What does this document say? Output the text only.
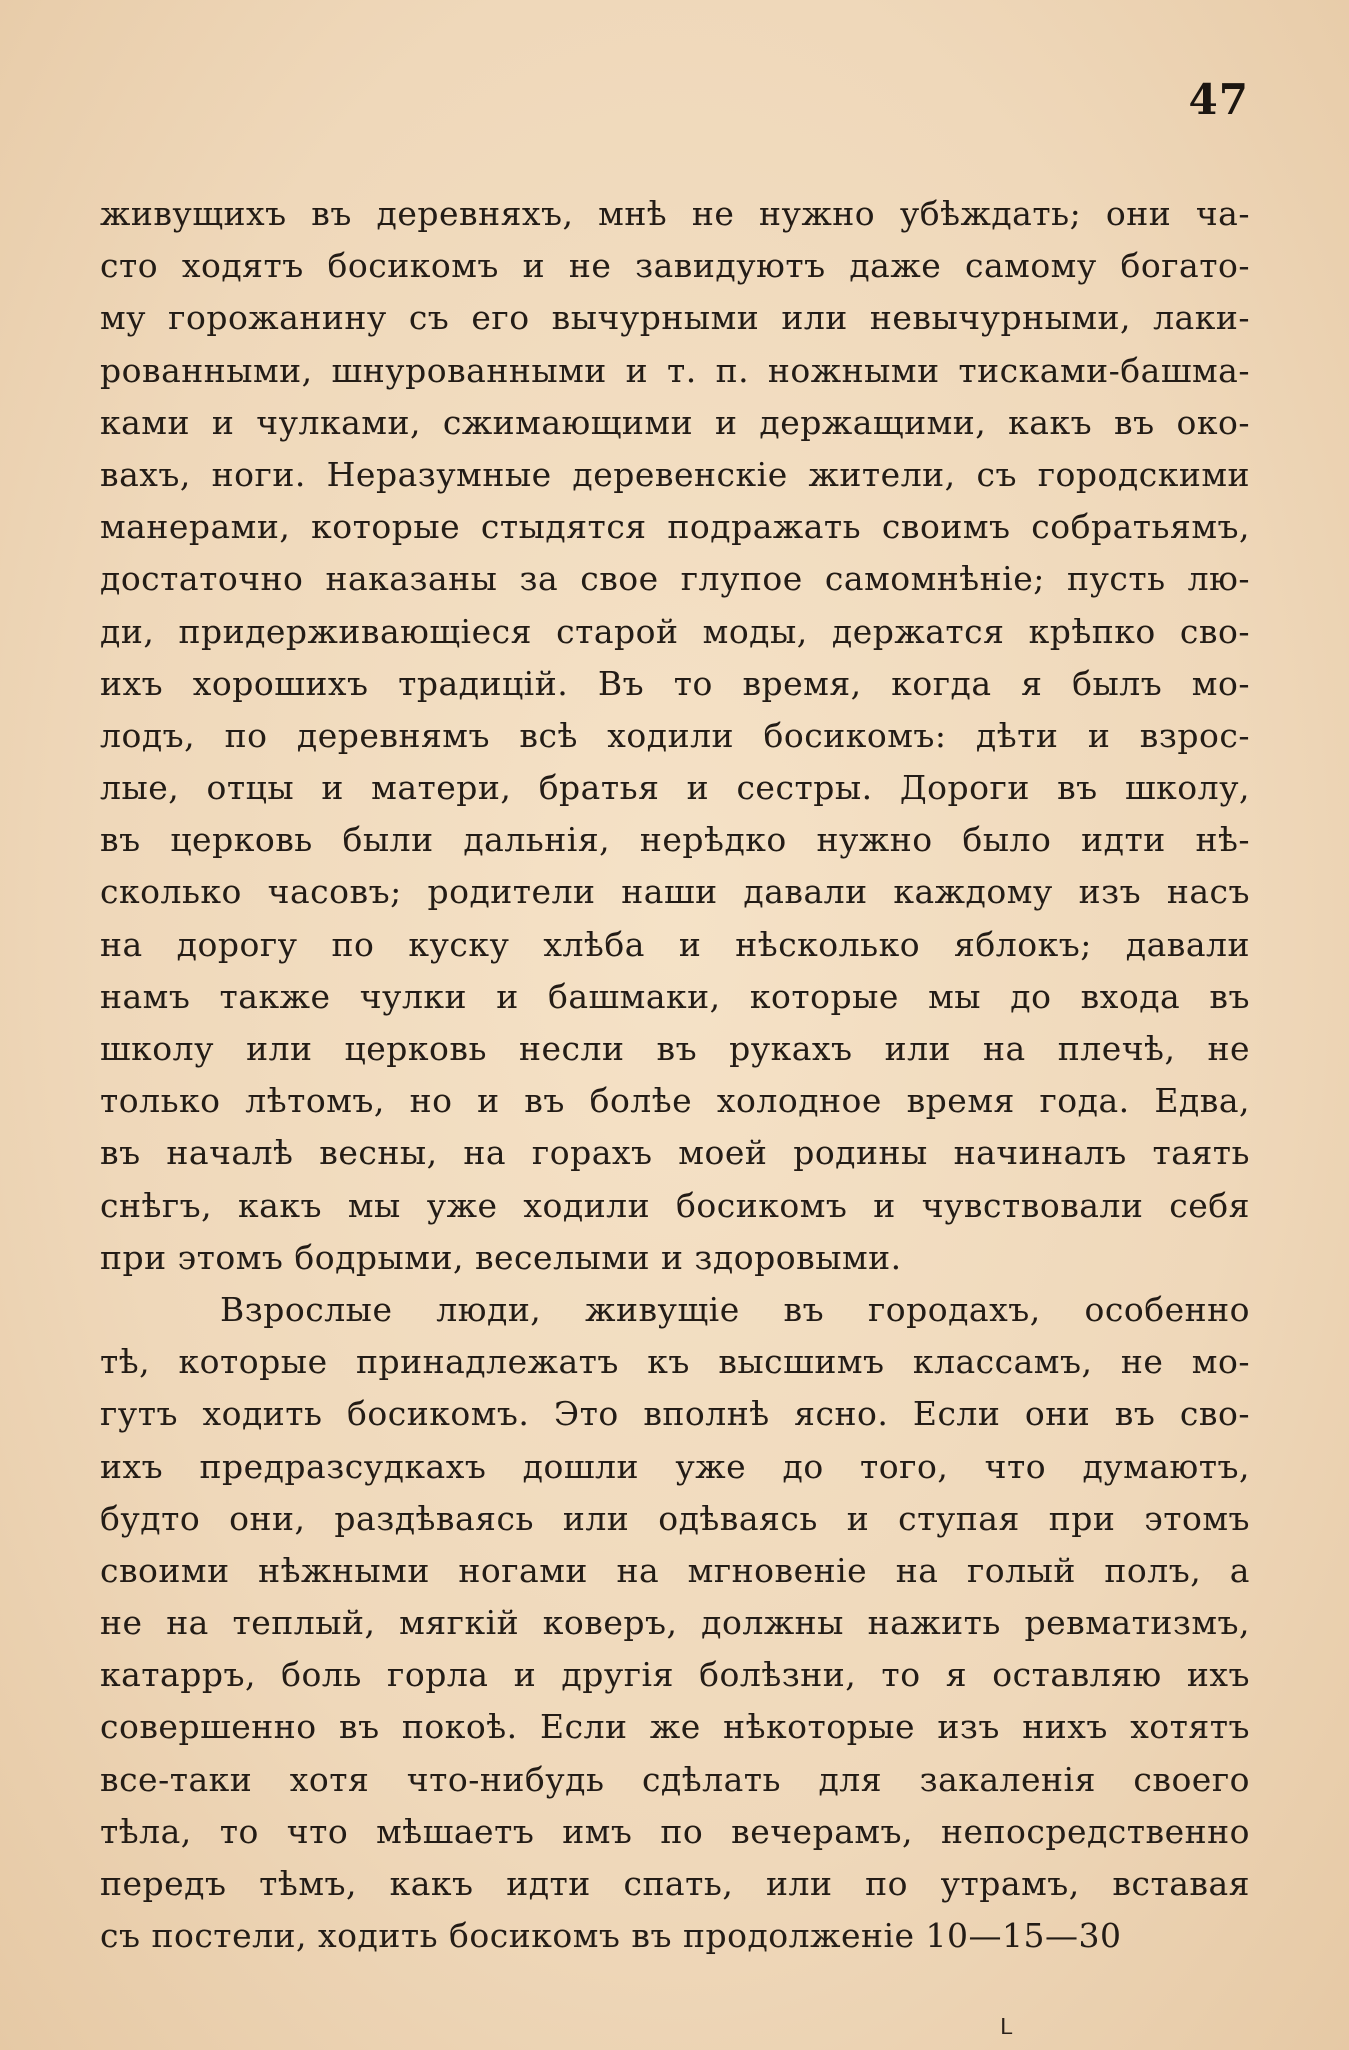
47
живущихъ въ деревняхъ, мнѣ не нужно убѣждать; они ча-
сто ходятъ босикомъ и не завидуютъ даже самому богато-
му горожанину съ его вычурными или невычурными, лаки-
рованными, шнурованными и т. п. ножными тисками-башма-
ками и чулками, сжимающими и держащими, какъ въ око-
вахъ, ноги. Неразумные деревенскіе жители, съ городскими
манерами, которые стыдятся подражать своимъ собратьямъ,
достаточно наказаны за свое глупое самомнѣніе; пусть лю-
ди, придерживающіеся старой моды, держатся крѣпко сво-
ихъ хорошихъ традицій. Въ то время, когда я былъ мо-
лодъ, по деревнямъ всѣ ходили босикомъ: дѣти и взрос-
лые, отцы и матери, братья и сестры. Дороги въ школу,
въ церковь были дальнія, нерѣдко нужно было идти нѣ-
сколько часовъ; родители наши давали каждому изъ насъ
на дорогу по куску хлѣба и нѣсколько яблокъ; давали
намъ также чулки и башмаки, которые мы до входа въ
школу или церковь несли въ рукахъ или на плечѣ, не
только лѣтомъ, но и въ болѣе холодное время года. Едва,
въ началѣ весны, на горахъ моей родины начиналъ таять
снѣгъ, какъ мы уже ходили босикомъ и чувствовали себя
при этомъ бодрыми, веселыми и здоровыми.
Взрослые люди, живущіе въ городахъ, особенно
тѣ, которые принадлежатъ къ высшимъ классамъ, не мо-
гутъ ходить босикомъ. Это вполнѣ ясно. Если они въ сво-
ихъ предразсудкахъ дошли уже до того, что думаютъ,
будто они, раздѣваясь или одѣваясь и ступая при этомъ
своими нѣжными ногами на мгновеніе на голый полъ, а
не на теплый, мягкій коверъ, должны нажить ревматизмъ,
катарръ, боль горла и другія болѣзни, то я оставляю ихъ
совершенно въ покоѣ. Если же нѣкоторые изъ нихъ хотятъ
все-таки хотя что-нибудь сдѣлать для закаленія своего
тѣла, то что мѣшаетъ имъ по вечерамъ, непосредственно
передъ тѣмъ, какъ идти спать, или по утрамъ, вставая
съ постели, ходить босикомъ въ продолженіе 10—15—30
ᒪ
